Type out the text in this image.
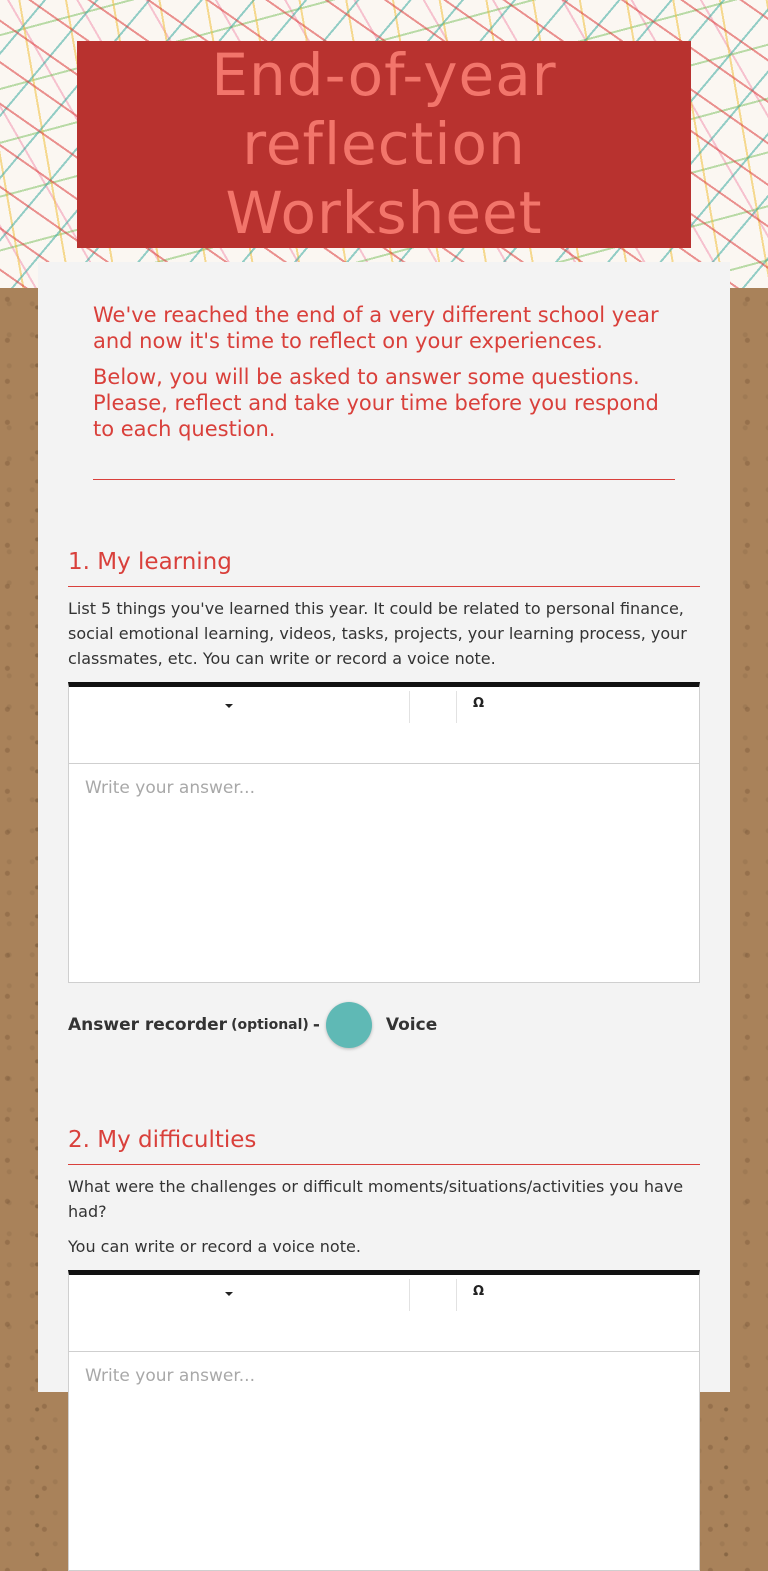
End-of-year reflection Worksheet

We've reached the end of a very different school year and now it's time to reflect on your experiences.

Below, you will be asked to answer some questions. Please, reflect and take your time before you respond to each question.

1. My learning

List 5 things you've learned this year. It could be related to personal finance, social emotional learning, videos, tasks, projects, your learning process, your classmates, etc. You can write or record a voice note.

Ω
Write your answer...
Answer recorder (optional) -	Voice
2. My difficulties

What were the challenges or difficult moments/situations/activities you have had?

You can write or record a voice note.

Ω
Write your answer...
